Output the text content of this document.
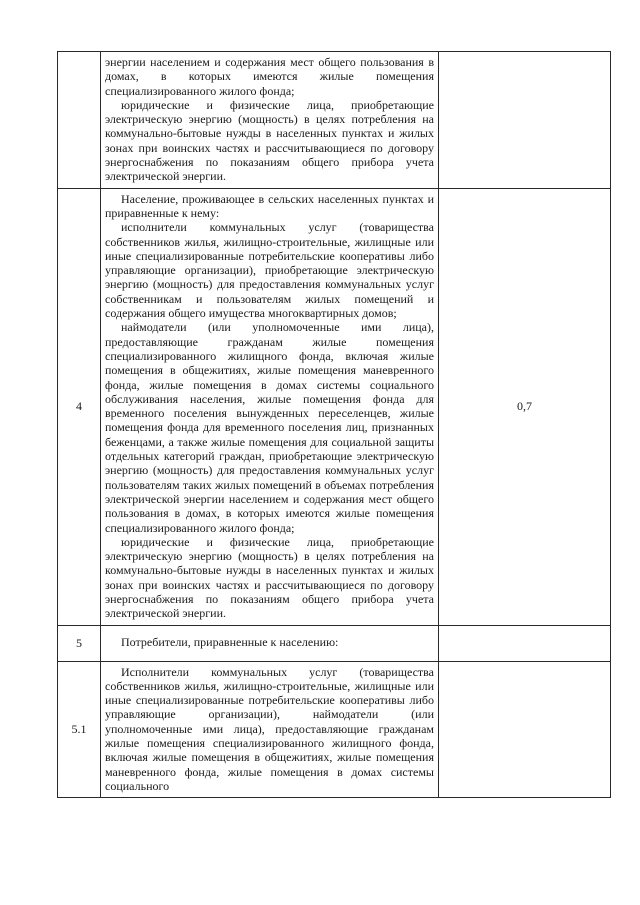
	энергии населением и содержания мест общего пользования в домах, в которых имеются жилые помещения специализированного жилого фонда;

юридические и физические лица, приобретающие электрическую энергию (мощность) в целях потребления на коммунально-бытовые нужды в населенных пунктах и жилых зонах при воинских частях и рассчитывающиеся по договору энергоснабжения по показаниям общего прибора учета электрической энергии.	

4	Население, проживающее в сельских населенных пунктах и приравненные к нему:

исполнители коммунальных услуг (товарищества собственников жилья, жилищно-строительные, жилищные или иные специализированные потребительские кооперативы либо управляющие организации), приобретающие электрическую энергию (мощность) для предоставления коммунальных услуг собственникам и пользователям жилых помещений и содержания общего имущества многоквартирных домов;

наймодатели (или уполномоченные ими лица), предоставляющие гражданам жилые помещения специализированного жилищного фонда, включая жилые помещения в общежитиях, жилые помещения маневренного фонда, жилые помещения в домах системы социального обслуживания населения, жилые помещения фонда для временного поселения вынужденных переселенцев, жилые помещения фонда для временного поселения лиц, признанных беженцами, а также жилые помещения для социальной защиты отдельных категорий граждан, приобретающие электрическую энергию (мощность) для предоставления коммунальных услуг пользователям таких жилых помещений в объемах потребления электрической энергии населением и содержания мест общего пользования в домах, в которых имеются жилые помещения специализированного жилого фонда;

юридические и физические лица, приобретающие электрическую энергию (мощность) в целях потребления на коммунально-бытовые нужды в населенных пунктах и жилых зонах при воинских частях и рассчитывающиеся по договору энергоснабжения по показаниям общего прибора учета электрической энергии.	0,7
5	Потребители, приравненные к населению:	

5.1	Исполнители коммунальных услуг (товарищества собственников жилья, жилищно-строительные, жилищные или иные специализированные потребительские кооперативы либо управляющие организации), наймодатели (или уполномоченные ими лица), предоставляющие гражданам жилые помещения специализированного жилищного фонда, включая жилые помещения в общежитиях, жилые помещения маневренного фонда, жилые помещения в домах системы социального	
